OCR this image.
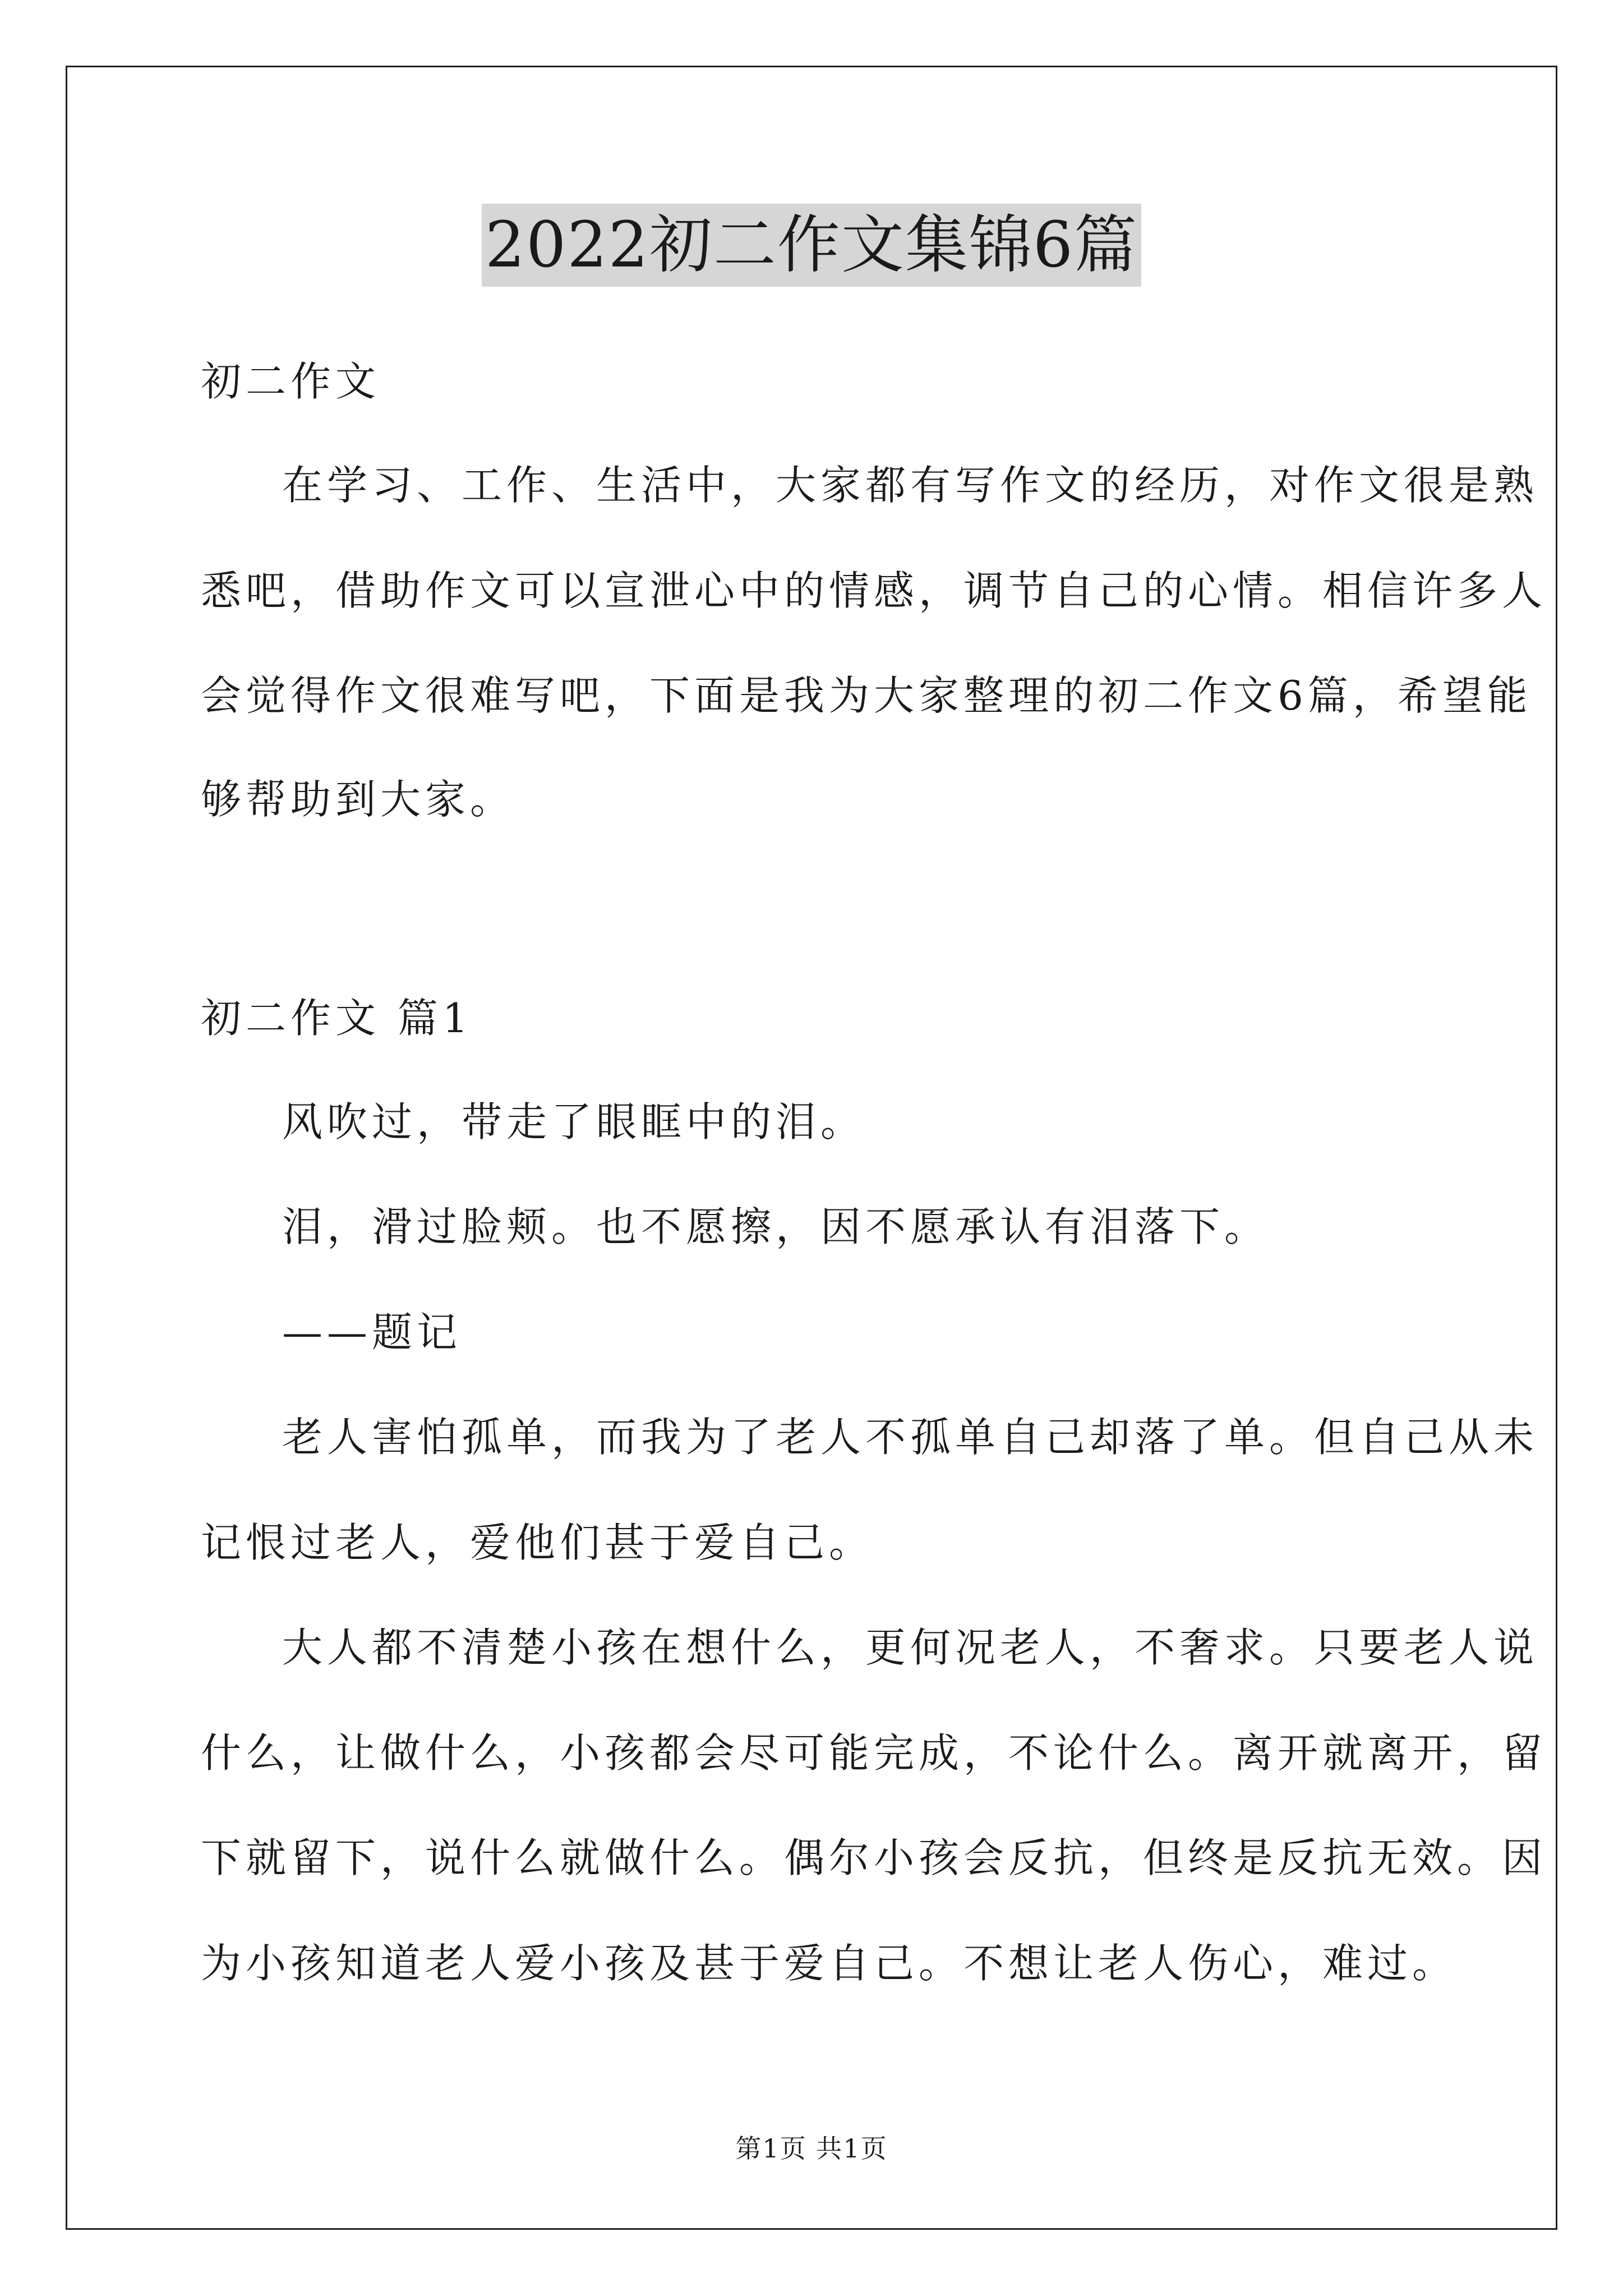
2022初二作文集锦6篇
初二作文
在学习、工作、生活中，大家都有写作文的经历，对作文很是熟
悉吧，借助作文可以宣泄心中的情感，调节自己的心情。相信许多人
会觉得作文很难写吧，下面是我为大家整理的初二作文6篇，希望能
够帮助到大家。
初二作文 篇1
风吹过，带走了眼眶中的泪。
泪，滑过脸颊。也不愿擦，因不愿承认有泪落下。
——题记
老人害怕孤单，而我为了老人不孤单自己却落了单。但自己从未
记恨过老人，爱他们甚于爱自己。
大人都不清楚小孩在想什么，更何况老人，不奢求。只要老人说
什么，让做什么，小孩都会尽可能完成，不论什么。离开就离开，留
下就留下，说什么就做什么。偶尔小孩会反抗，但终是反抗无效。因
为小孩知道老人爱小孩及甚于爱自己。不想让老人伤心，难过。
第1页 共1页
